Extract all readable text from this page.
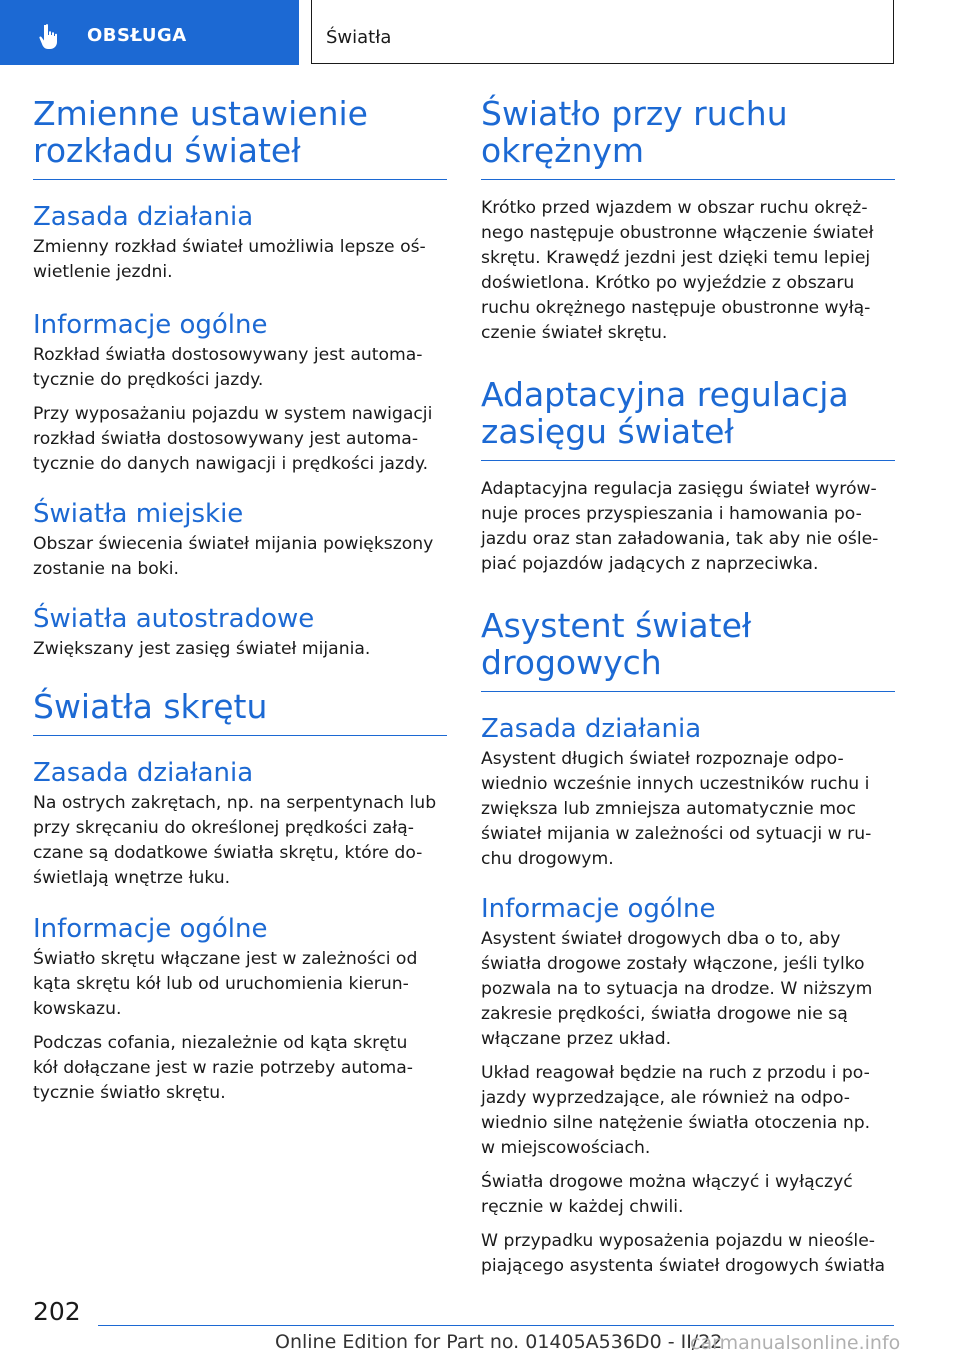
OBSŁUGA	Światła
Zmienne ustawienie
rozkładu świateł
Zasada działania

Zmienny rozkład świateł umożliwia lepsze oś-
wietlenie jezdni.

Informacje ogólne

Rozkład światła dostosowywany jest automa-
tycznie do prędkości jazdy.

Przy wyposażaniu pojazdu w system nawigacji
rozkład światła dostosowywany jest automa-
tycznie do danych nawigacji i prędkości jazdy.

Światła miejskie

Obszar świecenia świateł mijania powiększony
zostanie na boki.

Światła autostradowe

Zwiększany jest zasięg świateł mijania.

Światła skrętu
Zasada działania

Na ostrych zakrętach, np. na serpentynach lub
przy skręcaniu do określonej prędkości załą-
czane są dodatkowe światła skrętu, które do-
świetlają wnętrze łuku.

Informacje ogólne

Światło skrętu włączane jest w zależności od
kąta skrętu kół lub od uruchomienia kierun-
kowskazu.

Podczas cofania, niezależnie od kąta skrętu
kół dołączane jest w razie potrzeby automa-
tycznie światło skrętu.

Światło przy ruchu
okrężnym

Krótko przed wjazdem w obszar ruchu okręż-
nego następuje obustronne włączenie świateł
skrętu. Krawędź jezdni jest dzięki temu lepiej
doświetlona. Krótko po wyjeździe z obszaru
ruchu okrężnego następuje obustronne wyłą-
czenie świateł skrętu.

Adaptacyjna regulacja
zasięgu świateł

Adaptacyjna regulacja zasięgu świateł wyrów-
nuje proces przyspieszania i hamowania po-
jazdu oraz stan załadowania, tak aby nie ośle-
piać pojazdów jadących z naprzeciwka.

Asystent świateł drogowych
Zasada działania

Asystent długich świateł rozpoznaje odpo-
wiednio wcześnie innych uczestników ruchu i
zwiększa lub zmniejsza automatycznie moc
świateł mijania w zależności od sytuacji w ru-
chu drogowym.

Informacje ogólne

Asystent świateł drogowych dba o to, aby
światła drogowe zostały włączone, jeśli tylko
pozwala na to sytuacja na drodze. W niższym
zakresie prędkości, światła drogowe nie są
włączane przez układ.

Układ reagował będzie na ruch z przodu i po-
jazdy wyprzedzające, ale również na odpo-
wiednio silne natężenie światła otoczenia np.
w miejscowościach.

Światła drogowe można włączyć i wyłączyć
ręcznie w każdej chwili.

W przypadku wyposażenia pojazdu w nieośle-
piającego asystenta świateł drogowych światła

202
Online Edition for Part no. 01405A536D0 - II/22
carmanualsonline.info
